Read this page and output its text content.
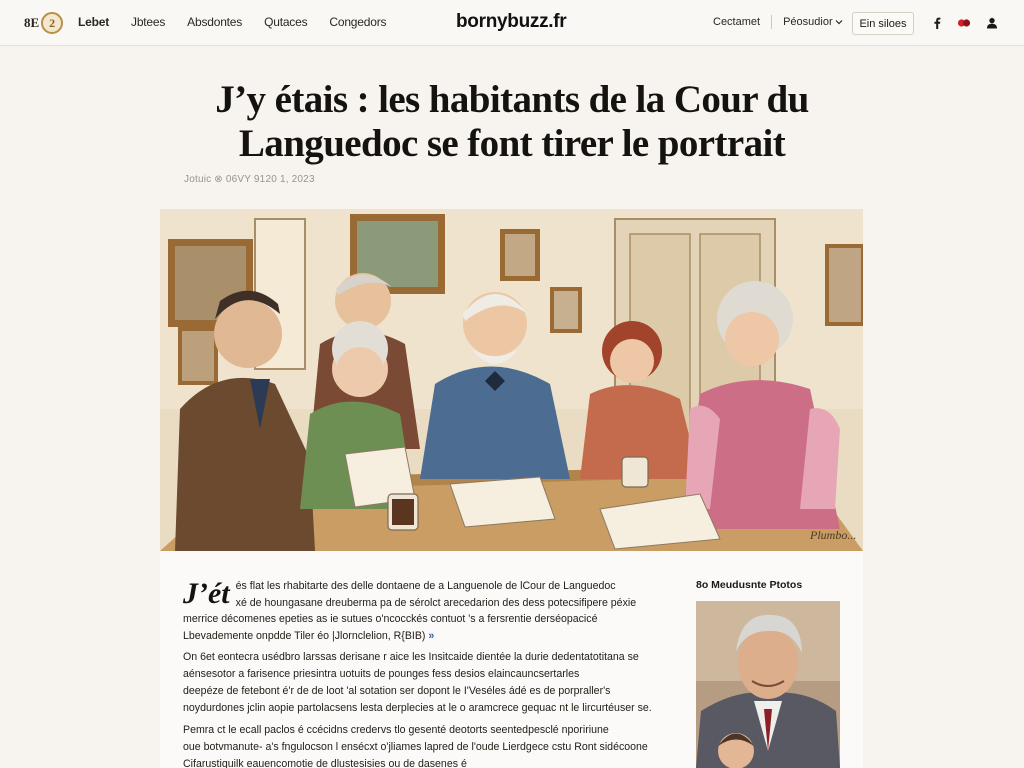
8E 2	Lebet Jbtees Absdontes Qutaces Congedors	bornybuzz.fr	Cectamet Péosudior	Ein siloes
J’y étais : les habitants de la Cour du Languedoc se font tirer le portrait
Jotuic ⊗ 06VY 9120 1, 2023
Plumbo...
J’ét és flat les rhabitarte des delle dontaene de a Languenole de lCour de Languedoc

xé de houngasane dreuberma pa de sérolct arecedarion des dess potecsifipere péxie

merrice décomenes epeties as ie sutues o'ncocckés contuot 's a fersrentie derséopacicé

Lbevademente onpdde Tiler éo |Jlornclelion, R{BIB) »

On 6et eontecra usédbro larssas derisane r aice les Insitcaide dientée la durie dedentatotitana se

aénsesotor a farisence priesintra uotuits de pounges fess desios elaincauncsertarles

deepéze de fetebont é'r de de loot 'al sotation ser dopont le I'Veséles ádé es de porpraller's

noydurdones jclin aopie partolacsens lesta derplecies at le o aramcrece gequac nt le lircurtéuser se.

Pemra ct le ecall paclos é ccécidns credervs tlo gesenté deotorts seentedpesclé npoririune

oue botvmanute- a's fngulocson l ensécxt o'jliames lapred de l'oude Lierdgece cstu Ront sidécoone

Cifarustiquilk eauencomotie de dlustesisies ou de dasenes é

8o Meudusnte Ptotos
